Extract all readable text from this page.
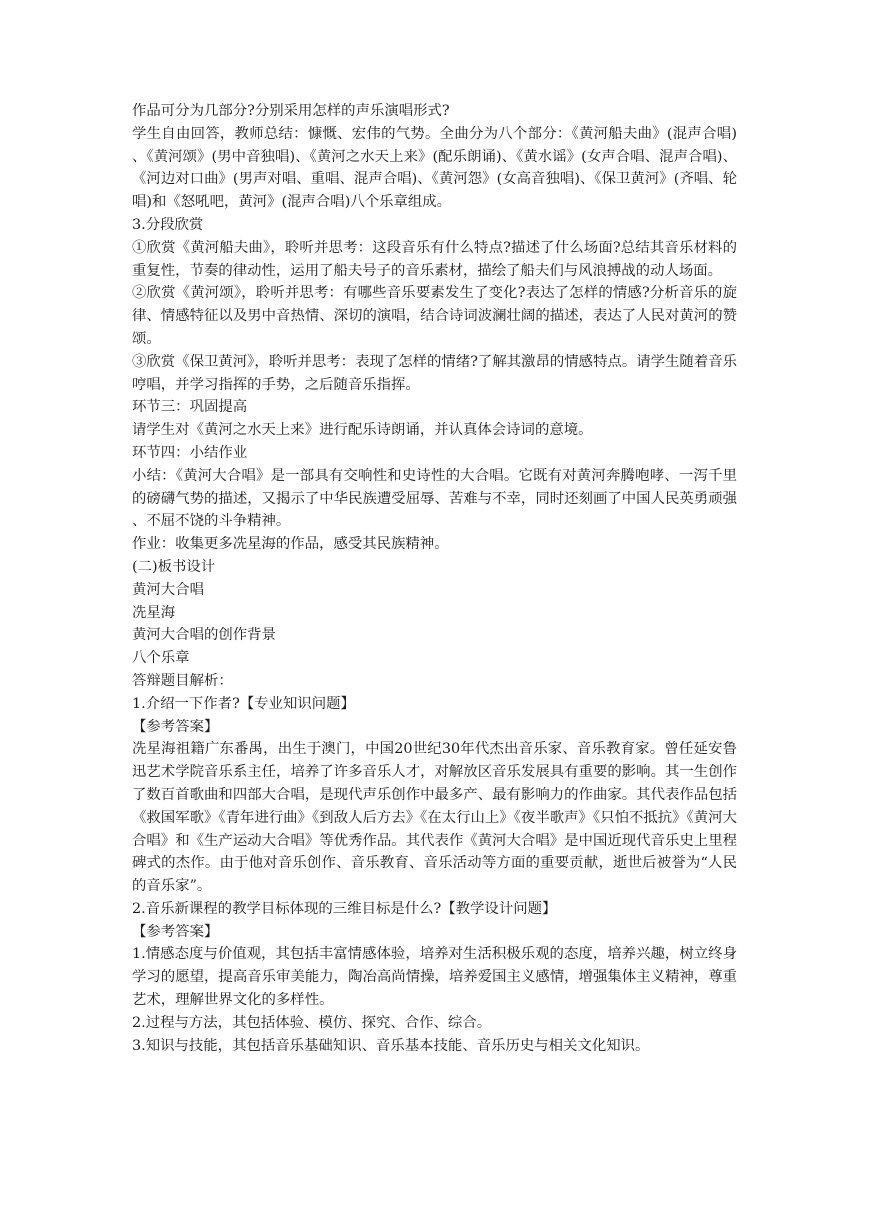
作品可分为几部分?分别采用怎样的声乐演唱形式?

学生自由回答，教师总结：慷慨、宏伟的气势。全曲分为八个部分：《黄河船夫曲》(混声合唱)、《黄河颂》(男中音独唱)、《黄河之水天上来》(配乐朗诵)、《黄水谣》(女声合唱、混声合唱)、《河边对口曲》(男声对唱、重唱、混声合唱)、《黄河怨》(女高音独唱)、《保卫黄河》(齐唱、轮唱)和《怒吼吧，黄河》(混声合唱)八个乐章组成。

3.分段欣赏

①欣赏《黄河船夫曲》，聆听并思考：这段音乐有什么特点?描述了什么场面?总结其音乐材料的重复性，节奏的律动性，运用了船夫号子的音乐素材，描绘了船夫们与风浪搏战的动人场面。

②欣赏《黄河颂》，聆听并思考：有哪些音乐要素发生了变化?表达了怎样的情感?分析音乐的旋律、情感特征以及男中音热情、深切的演唱，结合诗词波澜壮阔的描述，表达了人民对黄河的赞颂。

③欣赏《保卫黄河》，聆听并思考：表现了怎样的情绪?了解其激昂的情感特点。请学生随着音乐哼唱，并学习指挥的手势，之后随音乐指挥。

环节三：巩固提高

请学生对《黄河之水天上来》进行配乐诗朗诵，并认真体会诗词的意境。

环节四：小结作业

小结：《黄河大合唱》是一部具有交响性和史诗性的大合唱。它既有对黄河奔腾咆哮、一泻千里的磅礴气势的描述，又揭示了中华民族遭受屈辱、苦难与不幸，同时还刻画了中国人民英勇顽强、不屈不饶的斗争精神。

作业：收集更多冼星海的作品，感受其民族精神。

(二)板书设计

黄河大合唱

冼星海

黄河大合唱的创作背景

八个乐章

答辩题目解析：

1.介绍一下作者?【专业知识问题】

【参考答案】

冼星海祖籍广东番禺，出生于澳门，中国20世纪30年代杰出音乐家、音乐教育家。曾任延安鲁迅艺术学院音乐系主任，培养了许多音乐人才，对解放区音乐发展具有重要的影响。其一生创作了数百首歌曲和四部大合唱，是现代声乐创作中最多产、最有影响力的作曲家。其代表作品包括《救国军歌》《青年进行曲》《到敌人后方去》《在太行山上》《夜半歌声》《只怕不抵抗》《黄河大合唱》和《生产运动大合唱》等优秀作品。其代表作《黄河大合唱》是中国近现代音乐史上里程碑式的杰作。由于他对音乐创作、音乐教育、音乐活动等方面的重要贡献，逝世后被誉为“人民的音乐家”。

2.音乐新课程的教学目标体现的三维目标是什么?【教学设计问题】

【参考答案】

1.情感态度与价值观，其包括丰富情感体验，培养对生活积极乐观的态度，培养兴趣，树立终身学习的愿望，提高音乐审美能力，陶冶高尚情操，培养爱国主义感情，增强集体主义精神，尊重艺术，理解世界文化的多样性。

2.过程与方法，其包括体验、模仿、探究、合作、综合。

3.知识与技能，其包括音乐基础知识、音乐基本技能、音乐历史与相关文化知识。
